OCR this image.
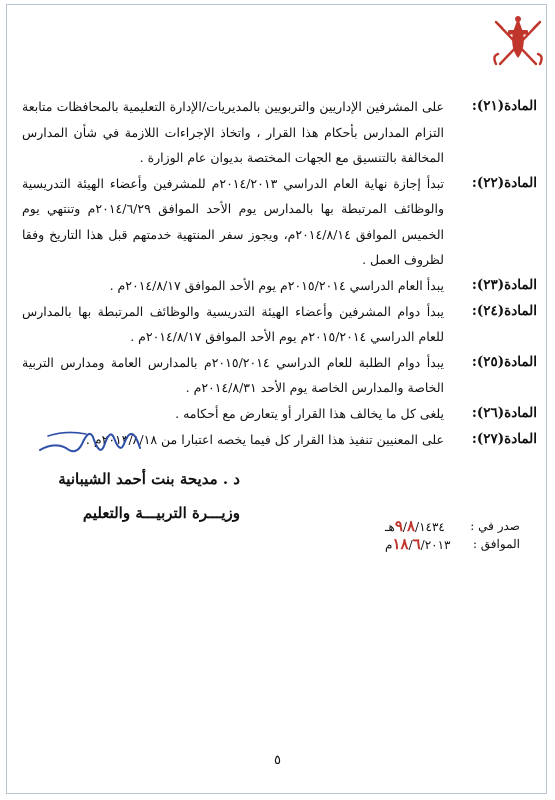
المادة(٢١):
على المشرفين الإداريين والتربويين بالمديريات/الإدارة التعليمية بالمحافظات متابعة التزام المدارس بأحكام هذا القرار ، واتخاذ الإجراءات اللازمة في شأن المدارس المخالفة بالتنسيق مع الجهات المختصة بديوان عام الوزارة .
المادة(٢٢):
تبدأ إجازة نهاية العام الدراسي ٢٠١٤/٢٠١٣م للمشرفين وأعضاء الهيئة التدريسية والوظائف المرتبطة بها بالمدارس يوم الأحد الموافق ٢٠١٤/٦/٢٩م وتنتهي يوم الخميس الموافق ٢٠١٤/٨/١٤م، ويجوز سفر المنتهية خدمتهم قبل هذا التاريخ وفقا لظروف العمل .
المادة(٢٣):
يبدأ العام الدراسي ٢٠١٥/٢٠١٤م يوم الأحد الموافق ٢٠١٤/٨/١٧م .
المادة(٢٤):
يبدأ دوام المشرفين وأعضاء الهيئة التدريسية والوظائف المرتبطة بها بالمدارس للعام الدراسي ٢٠١٥/٢٠١٤م يوم الأحد الموافق ٢٠١٤/٨/١٧م .
المادة(٢٥):
يبدأ دوام الطلبة للعام الدراسي ٢٠١٥/٢٠١٤م بالمدارس العامة ومدارس التربية الخاصة والمدارس الخاصة يوم الأحد ٢٠١٤/٨/٣١م .
المادة(٢٦):
يلغى كل ما يخالف هذا القرار أو يتعارض مع أحكامه .
المادة(٢٧):
على المعنيين تنفيذ هذا القرار كل فيما يخصه اعتبارا من ٢٠١٣/٨/١٨م .
د . مديحة بنت أحمد الشيبانية
وزيـــرة التربيـــة والتعليم
صدر في :
٩/٨/١٤٣٤هـ
الموافق :
١٨/٦/٢٠١٣م
٥
